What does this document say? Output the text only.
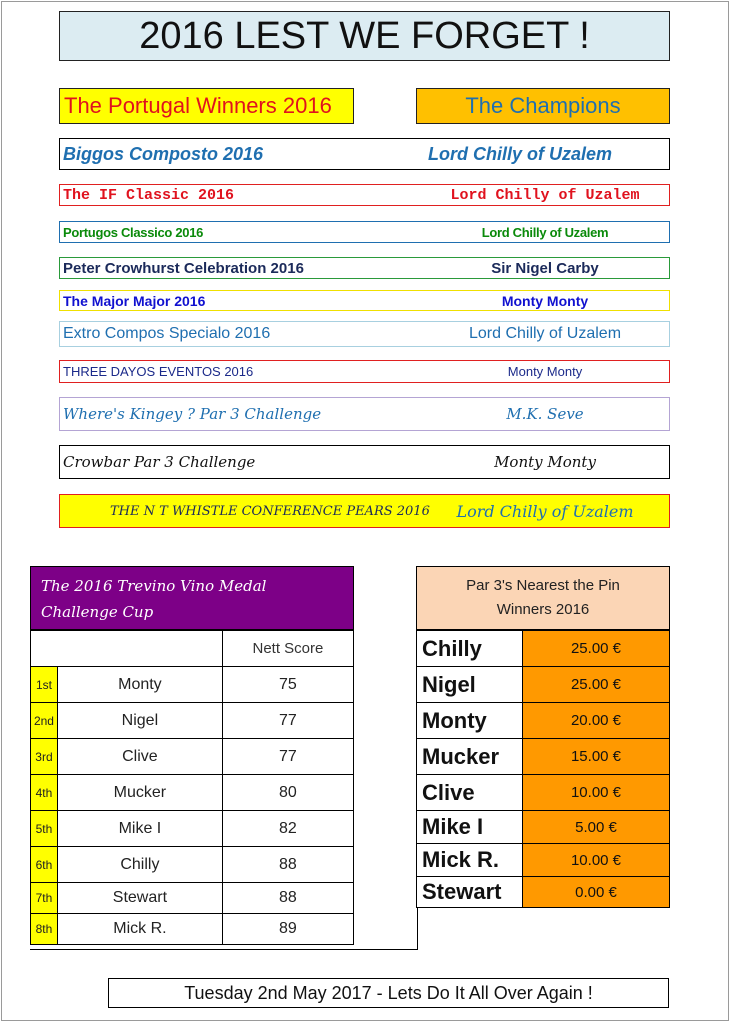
2016 LEST WE FORGET !
The Portugal Winners 2016	The Champions
Biggos Composto 2016	Lord Chilly of Uzalem
The IF Classic 2016	Lord Chilly of Uzalem
Portugos Classico 2016	Lord Chilly of Uzalem
Peter Crowhurst Celebration 2016	Sir Nigel Carby
The Major Major 2016	Monty Monty
Extro Compos Specialo 2016	Lord Chilly of Uzalem
THREE DAYOS EVENTOS 2016	Monty Monty
Where's Kingey ? Par 3 Challenge	M.K. Seve
Crowbar Par 3 Challenge	Monty Monty
THE N T WHISTLE CONFERENCE PEARS 2016	Lord Chilly of Uzalem
The 2016 Trevino Vino Medal Challenge Cup
Mon 9th May @ Pinal Portugal
		Nett Score
1st	Monty	75
2nd	Nigel	77
3rd	Clive	77
4th	Mucker	80
5th	Mike I	82
6th	Chilly	88
7th	Stewart	88
8th	Mick R.	89
Par 3's Nearest the Pin
Winners 2016
Chilly	25.00 €
Nigel	25.00 €
Monty	20.00 €
Mucker	15.00 €
Clive	10.00 €
Mike I	5.00 €
Mick R.	10.00 €
Stewart	0.00 €
Tuesday 2nd May 2017 - Lets Do It All Over Again !
